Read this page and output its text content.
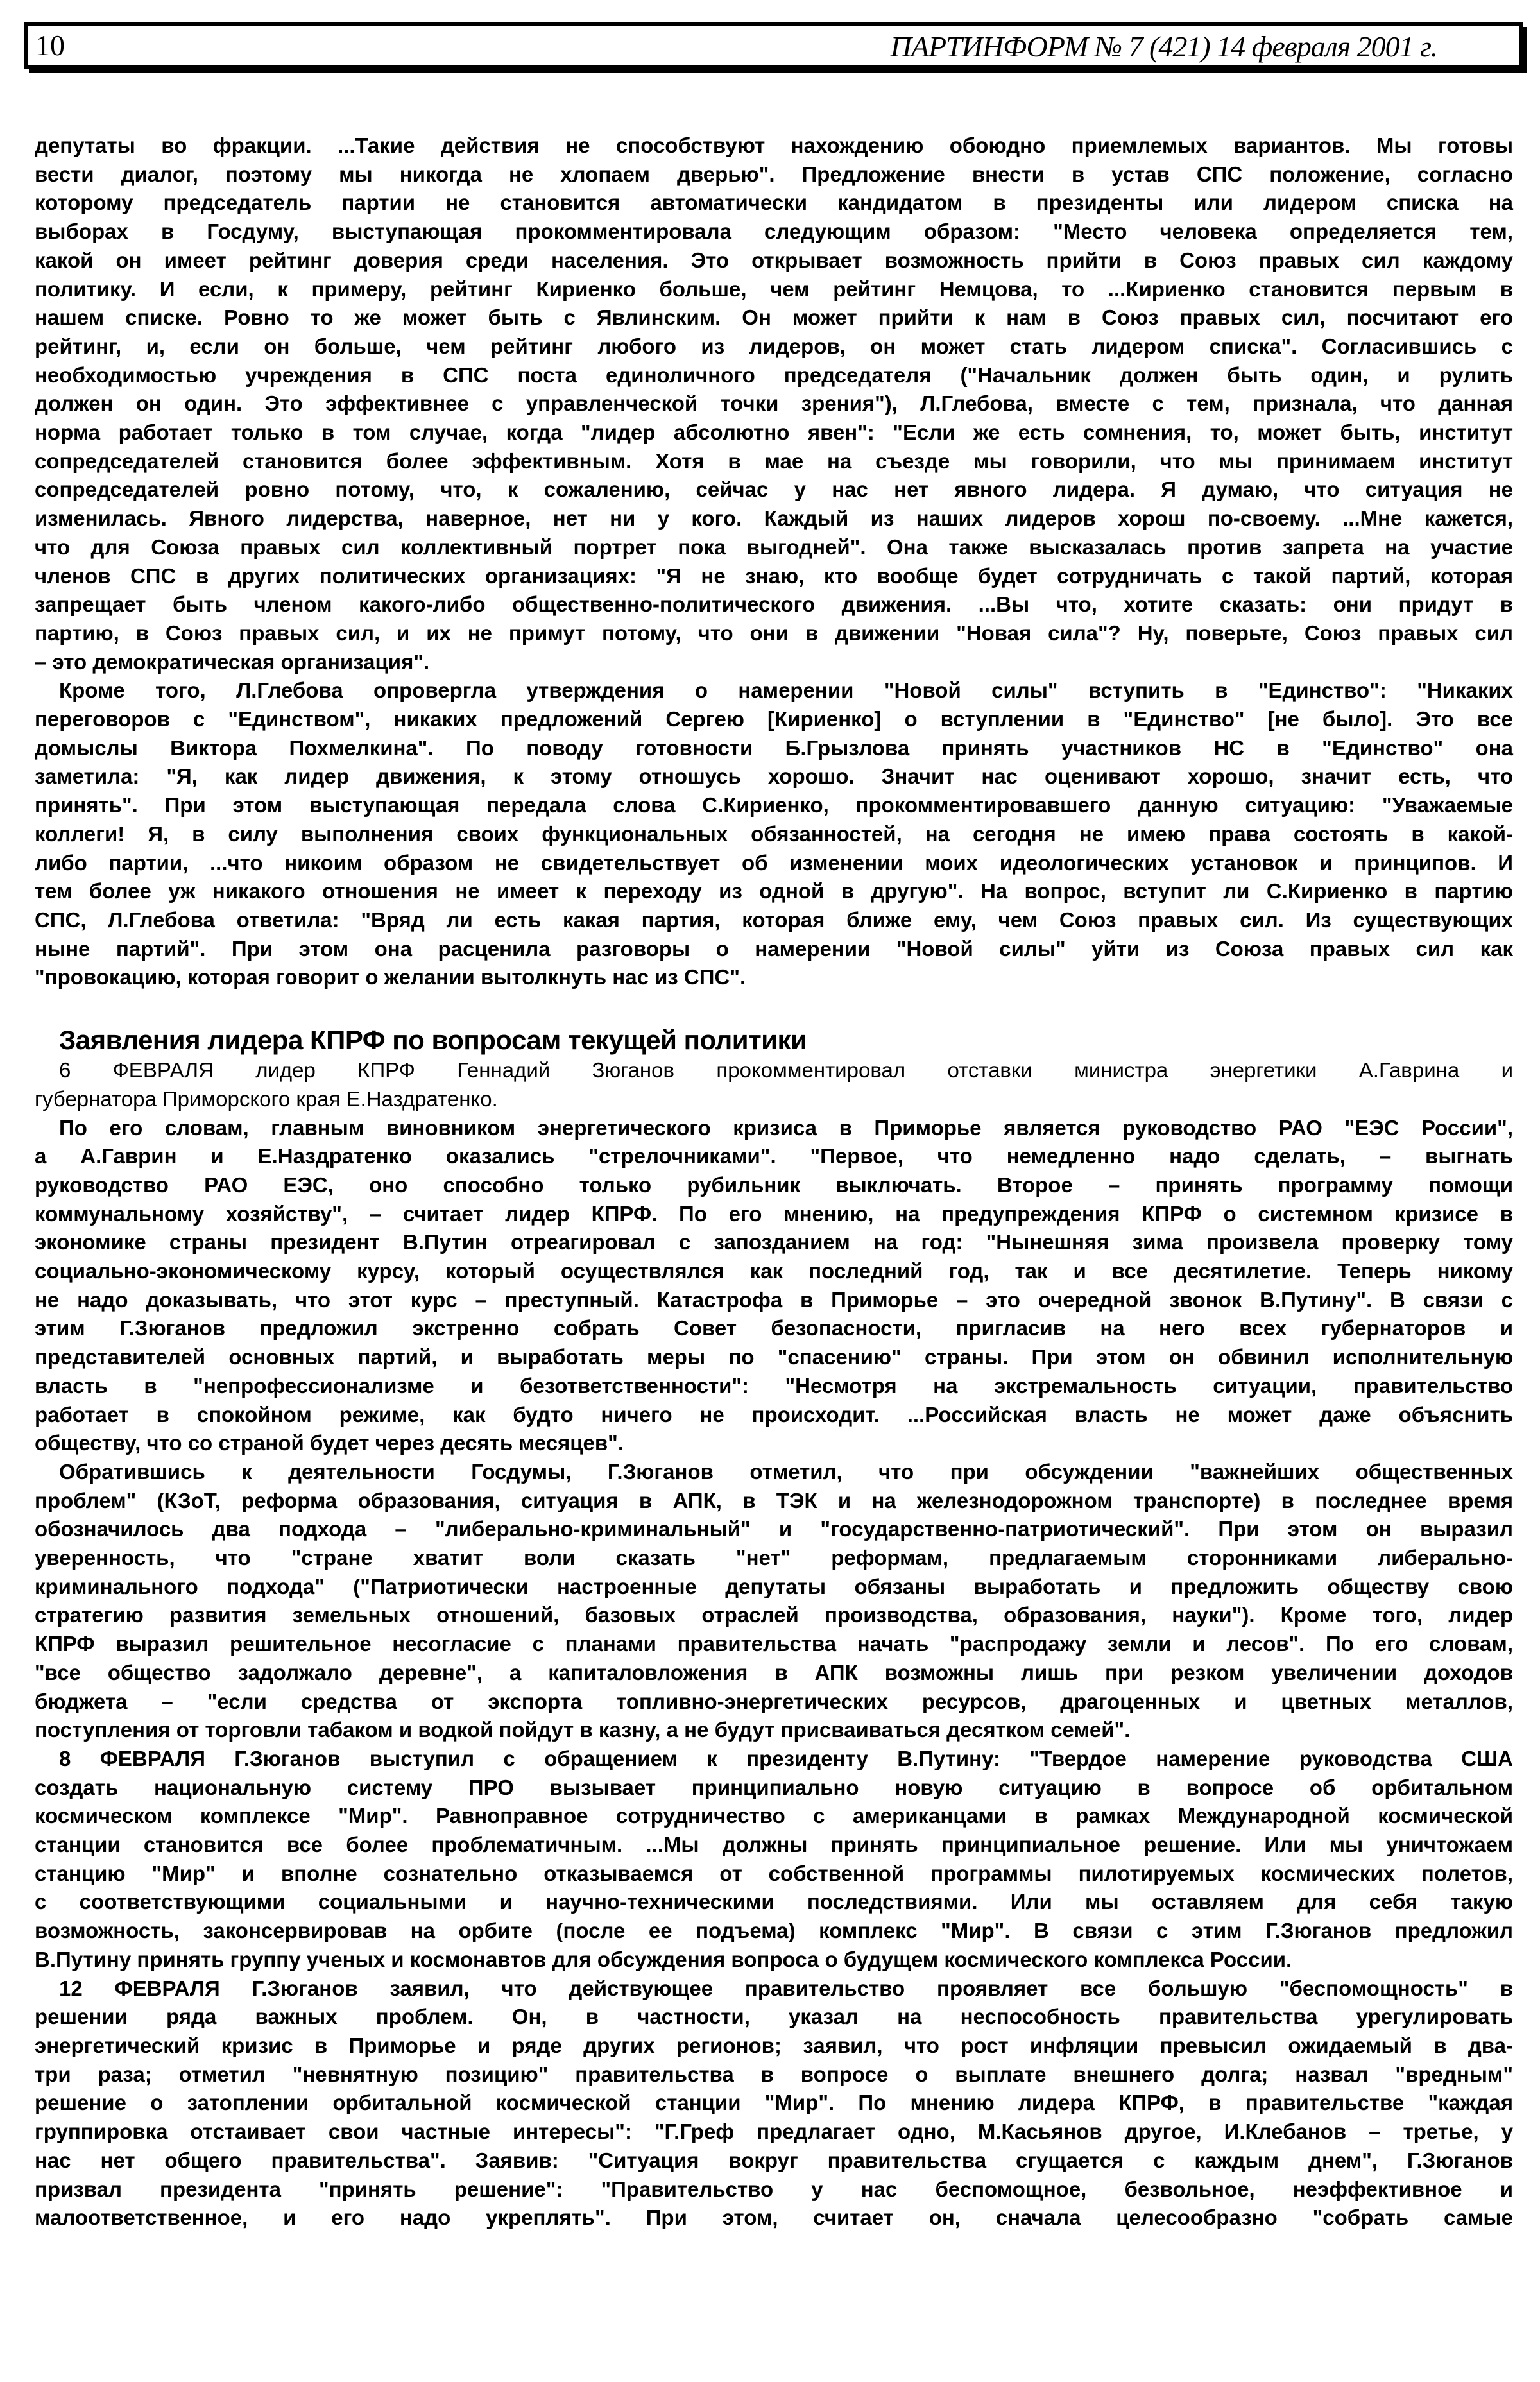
10	ПАРТИНФОРМ № 7 (421) 14 февраля 2001 г.
депутаты во фракции. ...Такие действия не способствуют нахождению обоюдно приемлемых вариантов. Мы готовы
вести диалог, поэтому мы никогда не хлопаем дверью". Предложение внести в устав СПС положение, согласно
которому председатель партии не становится автоматически кандидатом в президенты или лидером списка на
выборах в Госдуму, выступающая прокомментировала следующим образом: "Место человека определяется тем,
какой он имеет рейтинг доверия среди населения. Это открывает возможность прийти в Союз правых сил каждому
политику. И если, к примеру, рейтинг Кириенко больше, чем рейтинг Немцова, то ...Кириенко становится первым в
нашем списке. Ровно то же может быть с Явлинским. Он может прийти к нам в Союз правых сил, посчитают его
рейтинг, и, если он больше, чем рейтинг любого из лидеров, он может стать лидером списка". Согласившись с
необходимостью учреждения в СПС поста единоличного председателя ("Начальник должен быть один, и рулить
должен он один. Это эффективнее с управленческой точки зрения"), Л.Глебова, вместе с тем, признала, что данная
норма работает только в том случае, когда "лидер абсолютно явен": "Если же есть сомнения, то, может быть, институт
сопредседателей становится более эффективным. Хотя в мае на съезде мы говорили, что мы принимаем институт
сопредседателей ровно потому, что, к сожалению, сейчас у нас нет явного лидера. Я думаю, что ситуация не
изменилась. Явного лидерства, наверное, нет ни у кого. Каждый из наших лидеров хорош по-своему. ...Мне кажется,
что для Союза правых сил коллективный портрет пока выгодней". Она также высказалась против запрета на участие
членов СПС в других политических организациях: "Я не знаю, кто вообще будет сотрудничать с такой партий, которая
запрещает быть членом какого-либо общественно-политического движения. ...Вы что, хотите сказать: они придут в
партию, в Союз правых сил, и их не примут потому, что они в движении "Новая сила"? Ну, поверьте, Союз правых сил
– это демократическая организация".
Кроме того, Л.Глебова опровергла утверждения о намерении "Новой силы" вступить в "Единство": "Никаких
переговоров с "Единством", никаких предложений Сергею [Кириенко] о вступлении в "Единство" [не было]. Это все
домыслы Виктора Похмелкина". По поводу готовности Б.Грызлова принять участников НС в "Единство" она
заметила: "Я, как лидер движения, к этому отношусь хорошо. Значит нас оценивают хорошо, значит есть, что
принять". При этом выступающая передала слова С.Кириенко, прокомментировавшего данную ситуацию: "Уважаемые
коллеги! Я, в силу выполнения своих функциональных обязанностей, на сегодня не имею права состоять в какой-
либо партии, ...что никоим образом не свидетельствует об изменении моих идеологических установок и принципов. И
тем более уж никакого отношения не имеет к переходу из одной в другую". На вопрос, вступит ли С.Кириенко в партию
СПС, Л.Глебова ответила: "Вряд ли есть какая партия, которая ближе ему, чем Союз правых сил. Из существующих
ныне партий". При этом она расценила разговоры о намерении "Новой силы" уйти из Союза правых сил как
"провокацию, которая говорит о желании вытолкнуть нас из СПС".
Заявления лидера КПРФ по вопросам текущей политики
6 ФЕВРАЛЯ лидер КПРФ Геннадий Зюганов прокомментировал отставки министра энергетики А.Гаврина и
губернатора Приморского края Е.Наздратенко.
По его словам, главным виновником энергетического кризиса в Приморье является руководство РАО "ЕЭС России",
а А.Гаврин и Е.Наздратенко оказались "стрелочниками". "Первое, что немедленно надо сделать, – выгнать
руководство РАО ЕЭС, оно способно только рубильник выключать. Второе – принять программу помощи
коммунальному хозяйству", – считает лидер КПРФ. По его мнению, на предупреждения КПРФ о системном кризисе в
экономике страны президент В.Путин отреагировал с запозданием на год: "Нынешняя зима произвела проверку тому
социально-экономическому курсу, который осуществлялся как последний год, так и все десятилетие. Теперь никому
не надо доказывать, что этот курс – преступный. Катастрофа в Приморье – это очередной звонок В.Путину". В связи с
этим Г.Зюганов предложил экстренно собрать Совет безопасности, пригласив на него всех губернаторов и
представителей основных партий, и выработать меры по "спасению" страны. При этом он обвинил исполнительную
власть в "непрофессионализме и безответственности": "Несмотря на экстремальность ситуации, правительство
работает в спокойном режиме, как будто ничего не происходит. ...Российская власть не может даже объяснить
обществу, что со страной будет через десять месяцев".
Обратившись к деятельности Госдумы, Г.Зюганов отметил, что при обсуждении "важнейших общественных
проблем" (КЗоТ, реформа образования, ситуация в АПК, в ТЭК и на железнодорожном транспорте) в последнее время
обозначилось два подхода – "либерально-криминальный" и "государственно-патриотический". При этом он выразил
уверенность, что "стране хватит воли сказать "нет" реформам, предлагаемым сторонниками либерально-
криминального подхода" ("Патриотически настроенные депутаты обязаны выработать и предложить обществу свою
стратегию развития земельных отношений, базовых отраслей производства, образования, науки"). Кроме того, лидер
КПРФ выразил решительное несогласие с планами правительства начать "распродажу земли и лесов". По его словам,
"все общество задолжало деревне", а капиталовложения в АПК возможны лишь при резком увеличении доходов
бюджета – "если средства от экспорта топливно-энергетических ресурсов, драгоценных и цветных металлов,
поступления от торговли табаком и водкой пойдут в казну, а не будут присваиваться десятком семей".
8 ФЕВРАЛЯ Г.Зюганов выступил с обращением к президенту В.Путину: "Твердое намерение руководства США
создать национальную систему ПРО вызывает принципиально новую ситуацию в вопросе об орбитальном
космическом комплексе "Мир". Равноправное сотрудничество с американцами в рамках Международной космической
станции становится все более проблематичным. ...Мы должны принять принципиальное решение. Или мы уничтожаем
станцию "Мир" и вполне сознательно отказываемся от собственной программы пилотируемых космических полетов,
с соответствующими социальными и научно-техническими последствиями. Или мы оставляем для себя такую
возможность, законсервировав на орбите (после ее подъема) комплекс "Мир". В связи с этим Г.Зюганов предложил
В.Путину принять группу ученых и космонавтов для обсуждения вопроса о будущем космического комплекса России.
12 ФЕВРАЛЯ Г.Зюганов заявил, что действующее правительство проявляет все большую "беспомощность" в
решении ряда важных проблем. Он, в частности, указал на неспособность правительства урегулировать
энергетический кризис в Приморье и ряде других регионов; заявил, что рост инфляции превысил ожидаемый в два-
три раза; отметил "невнятную позицию" правительства в вопросе о выплате внешнего долга; назвал "вредным"
решение о затоплении орбитальной космической станции "Мир". По мнению лидера КПРФ, в правительстве "каждая
группировка отстаивает свои частные интересы": "Г.Греф предлагает одно, М.Касьянов другое, И.Клебанов – третье, у
нас нет общего правительства". Заявив: "Ситуация вокруг правительства сгущается с каждым днем", Г.Зюганов
призвал президента "принять решение": "Правительство у нас беспомощное, безвольное, неэффективное и
малоответственное, и его надо укреплять". При этом, считает он, сначала целесообразно "собрать самые
